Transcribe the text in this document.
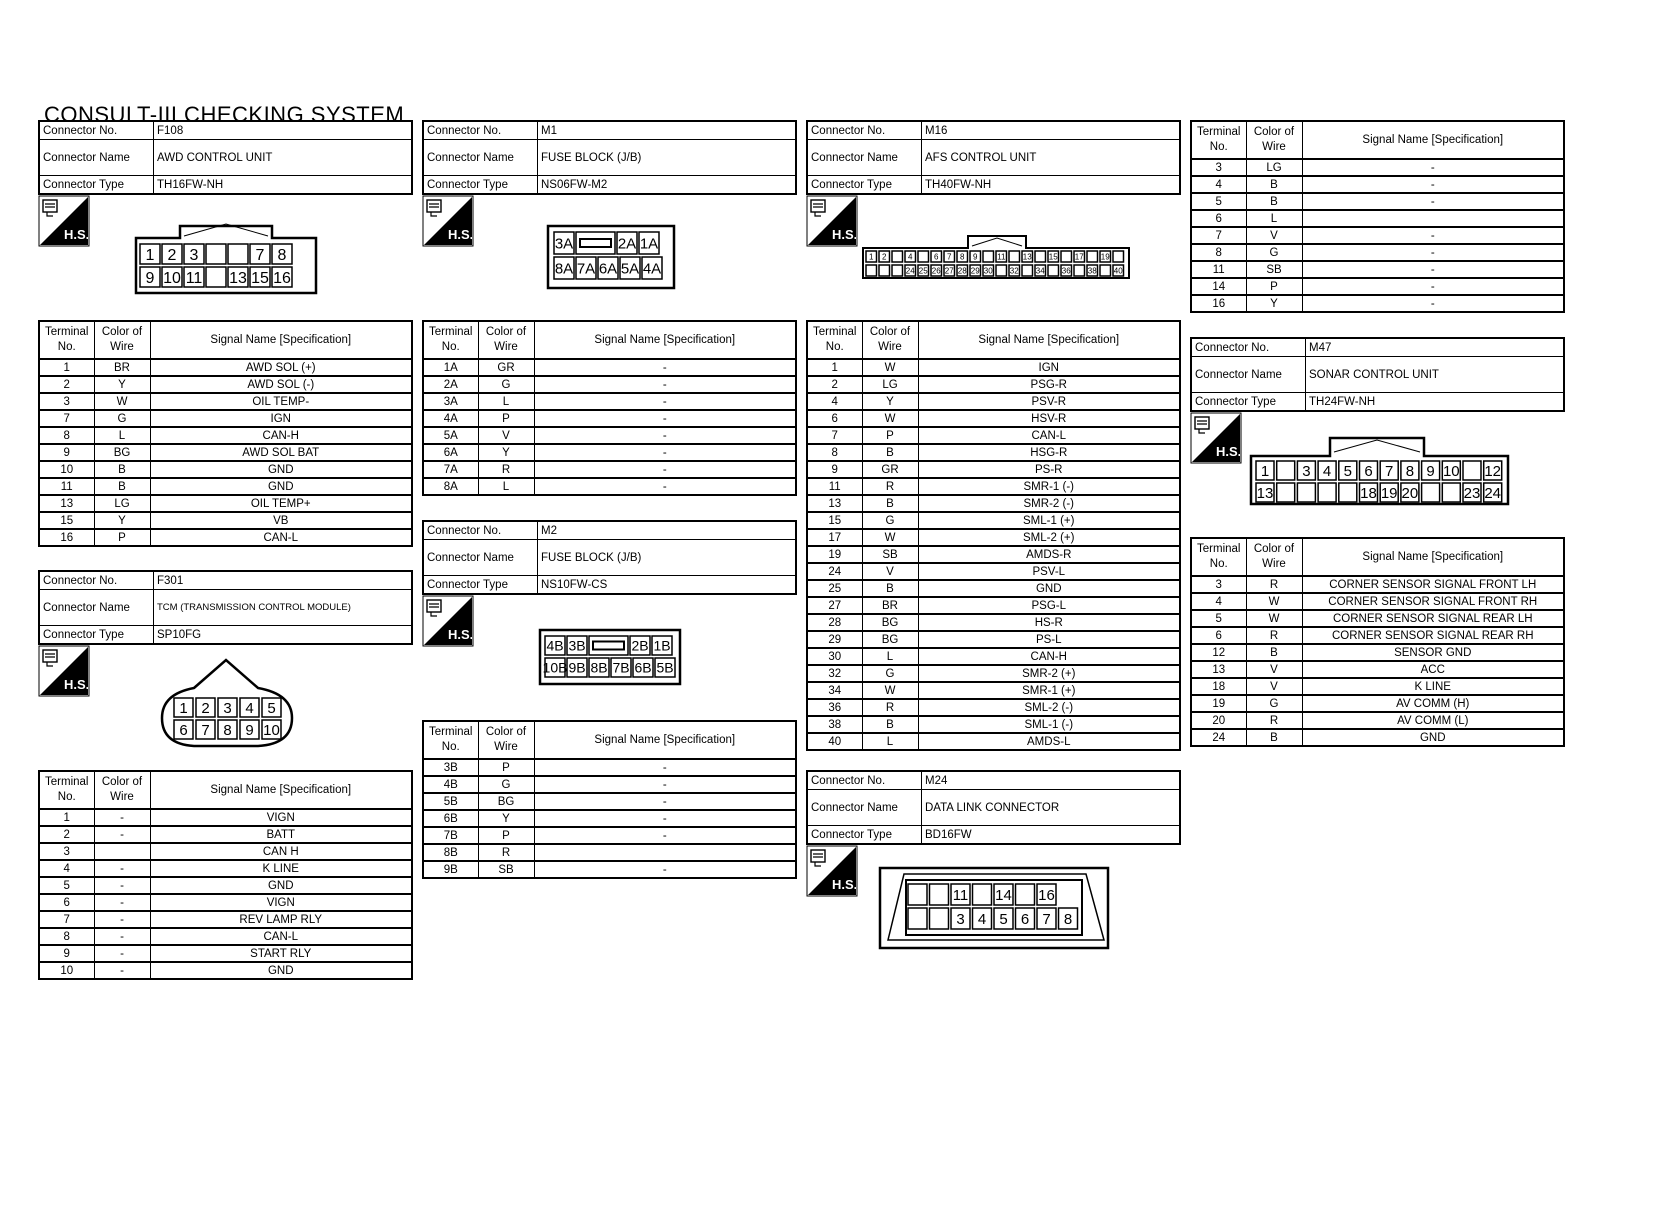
CONSULT-III CHECKING SYSTEM
Connector No.	F108
Connector Name	AWD CONTROL UNIT
Connector Type	TH16FW-NH
H.S.
1 2 3	7 8
9 10 11 13 15 16
Terminal No.	Color of Wire	Signal Name [Specification]
1	BR	AWD SOL (+)
2	Y	AWD SOL (-)
3	W	OIL TEMP-
7	G	IGN
8	L	CAN-H
9	BG	AWD SOL BAT
10	B	GND
11	B	GND
13	LG	OIL TEMP+
15	Y	VB
16	P	CAN-L
Connector No.	F301
Connector Name	TCM (TRANSMISSION CONTROL MODULE)
Connector Type	SP10FG
H.S.
1 2 3 4 5
6 7 8 9 10
Terminal No.	Color of Wire	Signal Name [Specification]
1	-	VIGN
2	-	BATT
3		CAN H
4	-	K LINE
5	-	GND
6	-	VIGN
7	-	REV LAMP RLY
8	-	CAN-L
9	-	START RLY
10	-	GND
Connector No.	M1
Connector Name	FUSE BLOCK (J/B)
Connector Type	NS06FW-M2
H.S.
3A	2A 1A
8A 7A 6A 5A 4A
Terminal No.	Color of Wire	Signal Name [Specification]
1A	GR	-
2A	G	-
3A	L	-
4A	P	-
5A	V	-
6A	Y	-
7A	R	-
8A	L	-
Connector No.	M2
Connector Name	FUSE BLOCK (J/B)
Connector Type	NS10FW-CS
H.S.
4B 3B	2B 1B
10B 9B 8B 7B 6B 5B
Terminal No.	Color of Wire	Signal Name [Specification]
3B	P	-
4B	G	-
5B	BG	-
6B	Y	-
7B	P	-
8B	R	
9B	SB	-
Connector No.	M16
Connector Name	AFS CONTROL UNIT
Connector Type	TH40FW-NH
H.S.
1 2	4	6 7 8 9 11 13 15 17 19
24 25 26 27 28 29 30 32 34 36 38 40
Terminal No.	Color of Wire	Signal Name [Specification]
1	W	IGN
2	LG	PSG-R
4	Y	PSV-R
6	W	HSV-R
7	P	CAN-L
8	B	HSG-R
9	GR	PS-R
11	R	SMR-1 (-)
13	B	SMR-2 (-)
15	G	SML-1 (+)
17	W	SML-2 (+)
19	SB	AMDS-R
24	V	PSV-L
25	B	GND
27	BR	PSG-L
28	BG	HS-R
29	BG	PS-L
30	L	CAN-H
32	G	SMR-2 (+)
34	W	SMR-1 (+)
36	R	SML-2 (-)
38	B	SML-1 (-)
40	L	AMDS-L
Connector No.	M24
Connector Name	DATA LINK CONNECTOR
Connector Type	BD16FW
H.S.
11 14 16
3 4 5 6 7 8
Terminal No.	Color of Wire	Signal Name [Specification]
3	LG	-
4	B	-
5	B	-
6	L	
7	V	-
8	G	-
11	SB	-
14	P	-
16	Y	-
Connector No.	M47
Connector Name	SONAR CONTROL UNIT
Connector Type	TH24FW-NH
H.S.
1 3 4 5 6 7 8 9 10 12
13	18 19 20	23 24
Terminal No.	Color of Wire	Signal Name [Specification]
3	R	CORNER SENSOR SIGNAL FRONT LH
4	W	CORNER SENSOR SIGNAL FRONT RH
5	W	CORNER SENSOR SIGNAL REAR LH
6	R	CORNER SENSOR SIGNAL REAR RH
12	B	SENSOR GND
13	V	ACC
18	V	K LINE
19	G	AV COMM (H)
20	R	AV COMM (L)
24	B	GND
